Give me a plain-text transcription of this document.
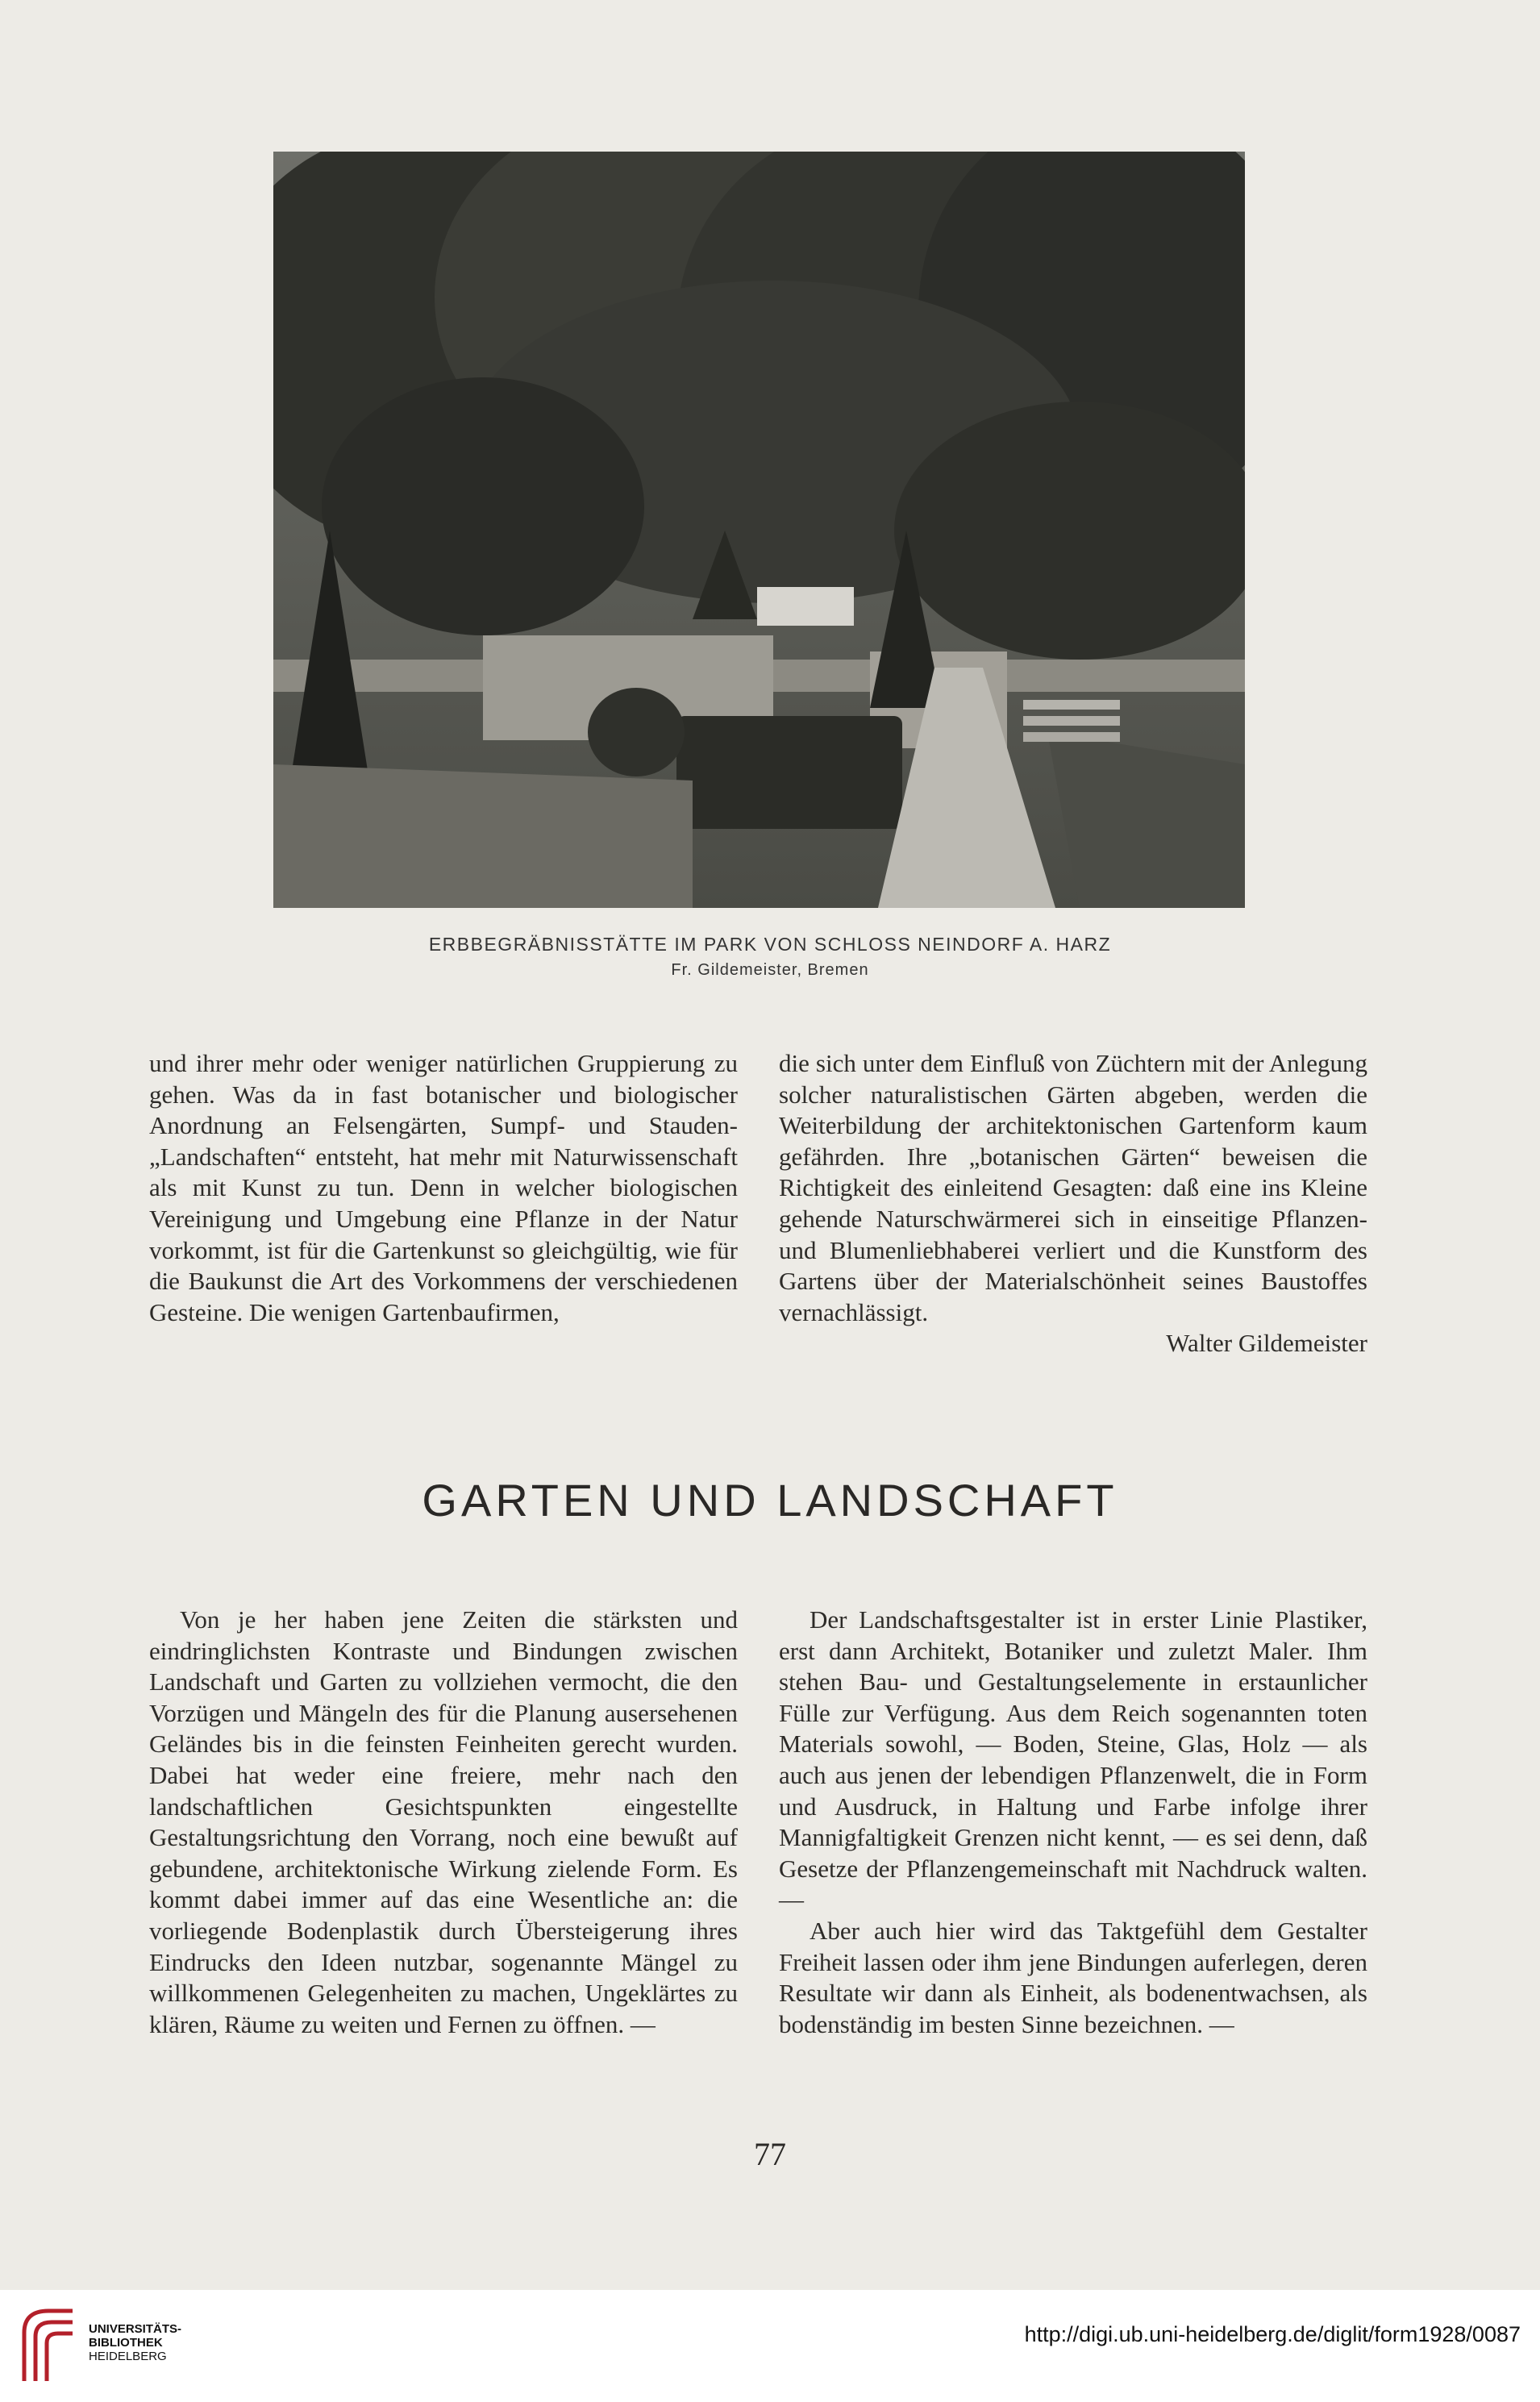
ERBBEGRÄBNISSTÄTTE IM PARK VON SCHLOSS NEINDORF A. HARZ
Fr. Gildemeister, Bremen

und ihrer mehr oder weniger natürlichen Gruppierung zu gehen. Was da in fast botanischer und biologischer Anordnung an Felsengärten, Sumpf- und Stauden-„Landschaften“ entsteht, hat mehr mit Naturwissenschaft als mit Kunst zu tun. Denn in welcher biologischen Vereinigung und Umgebung eine Pflanze in der Natur vorkommt, ist für die Gartenkunst so gleichgültig, wie für die Baukunst die Art des Vorkommens der verschiedenen Gesteine. Die wenigen Gartenbaufirmen,

die sich unter dem Einfluß von Züchtern mit der Anlegung solcher naturalistischen Gärten abgeben, werden die Weiterbildung der architektonischen Gartenform kaum gefährden. Ihre „botanischen Gärten“ beweisen die Richtigkeit des einleitend Gesagten: daß eine ins Kleine gehende Naturschwärmerei sich in einseitige Pflanzen- und Blumenliebhaberei verliert und die Kunstform des Gartens über der Materialschönheit seines Baustoffes vernachlässigt.

Walter Gildemeister
GARTEN UND LANDSCHAFT

Von je her haben jene Zeiten die stärksten und eindringlichsten Kontraste und Bindungen zwischen Landschaft und Garten zu vollziehen vermocht, die den Vorzügen und Mängeln des für die Planung ausersehenen Geländes bis in die feinsten Feinheiten gerecht wurden. Dabei hat weder eine freiere, mehr nach den landschaftlichen Gesichtspunkten eingestellte Gestaltungsrichtung den Vorrang, noch eine bewußt auf gebundene, architektonische Wirkung zielende Form. Es kommt dabei immer auf das eine Wesentliche an: die vorliegende Bodenplastik durch Übersteigerung ihres Eindrucks den Ideen nutzbar, sogenannte Mängel zu willkommenen Gelegenheiten zu machen, Ungeklärtes zu klären, Räume zu weiten und Fernen zu öffnen. —

Der Landschaftsgestalter ist in erster Linie Plastiker, erst dann Architekt, Botaniker und zuletzt Maler. Ihm stehen Bau- und Gestaltungselemente in erstaunlicher Fülle zur Verfügung. Aus dem Reich sogenannten toten Materials sowohl, — Boden, Steine, Glas, Holz — als auch aus jenen der lebendigen Pflanzenwelt, die in Form und Ausdruck, in Haltung und Farbe infolge ihrer Mannigfaltigkeit Grenzen nicht kennt, — es sei denn, daß Gesetze der Pflanzengemeinschaft mit Nachdruck walten. —

Aber auch hier wird das Taktgefühl dem Gestalter Freiheit lassen oder ihm jene Bindungen auferlegen, deren Resultate wir dann als Einheit, als bodenentwachsen, als bodenständig im besten Sinne bezeichnen. —

77
UNIVERSITÄTS-
BIBLIOTHEK
HEIDELBERG
http://digi.ub.uni-heidelberg.de/diglit/form1928/0087
